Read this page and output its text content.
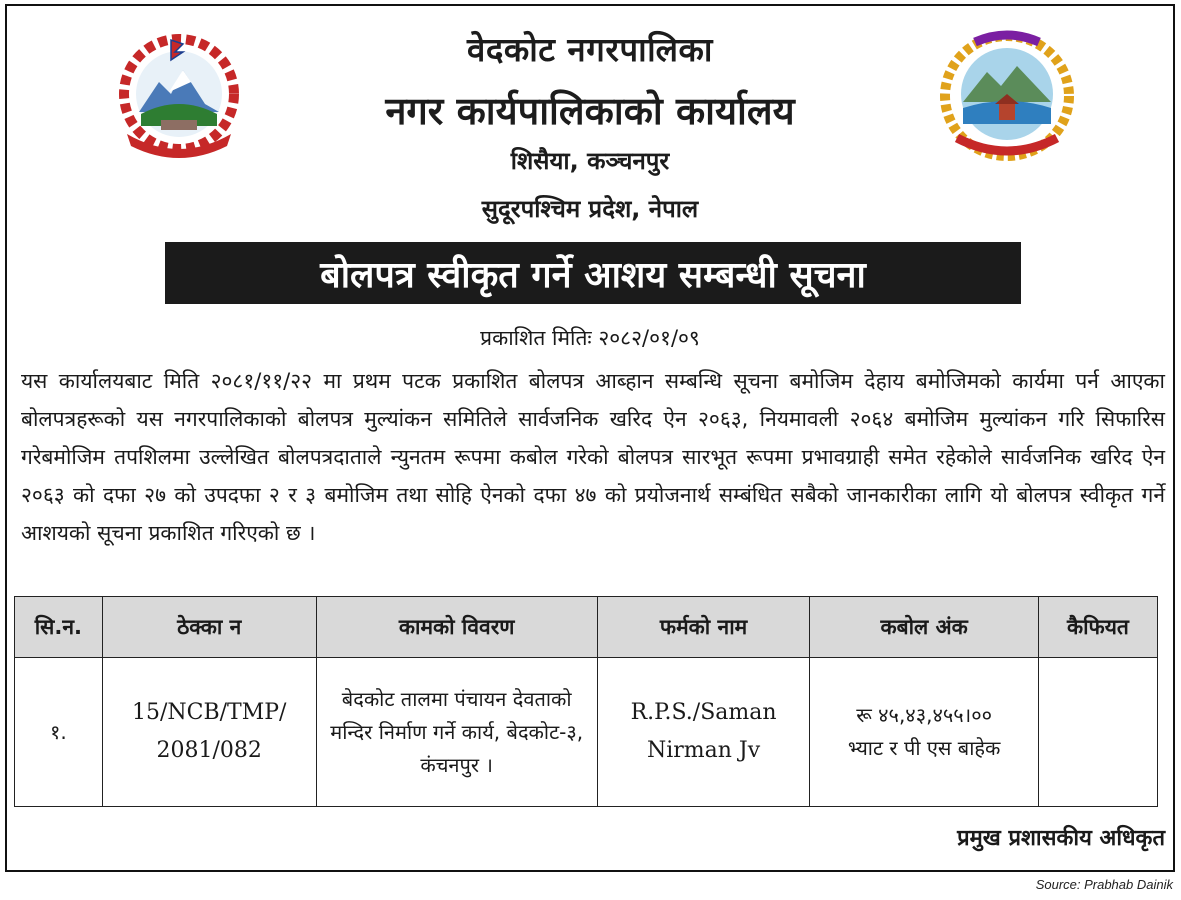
वेदकोट नगरपालिका
नगर कार्यपालिकाको कार्यालय
शिसैया, कञ्चनपुर
सुदूरपश्चिम प्रदेश, नेपाल
बोलपत्र स्वीकृत गर्ने आशय सम्बन्धी सूचना
प्रकाशित मितिः २०८२/०१/०९
यस कार्यालयबाट मिति २०८१/११/२२ मा प्रथम पटक प्रकाशित बोलपत्र आब्हान सम्बन्धि सूचना बमोजिम देहाय बमोजिमको कार्यमा पर्न आएका बोलपत्रहरूको यस नगरपालिकाको बोलपत्र मुल्यांकन समितिले सार्वजनिक खरिद ऐन २०६३, नियमावली २०६४ बमोजिम मुल्यांकन गरि सिफारिस गरेबमोजिम तपशिलमा उल्लेखित बोलपत्रदाताले न्युनतम रूपमा कबोल गरेको बोलपत्र सारभूत रूपमा प्रभावग्राही समेत रहेकोले सार्वजनिक खरिद ऐन २०६३ को दफा २७ को उपदफा २ र ३ बमोजिम तथा सोहि ऐनको दफा ४७ को प्रयोजनार्थ सम्बंधित सबैको जानकारीका लागि यो बोलपत्र स्वीकृत गर्ने आशयको सूचना प्रकाशित गरिएको छ ।
सि.न.	ठेक्का न	कामको विवरण	फर्मको नाम	कबोल अंक	कैफियत
१.	15/NCB/TMP/ 2081/082	बेदकोट तालमा पंचायन देवताको मन्दिर निर्माण गर्ने कार्य, बेदकोट-३, कंचनपुर ।	R.P.S./Saman Nirman Jv	रू ४५,४३,४५५।००
भ्याट र पी एस बाहेक	

प्रमुख प्रशासकीय अधिकृत
Source: Prabhab Dainik
